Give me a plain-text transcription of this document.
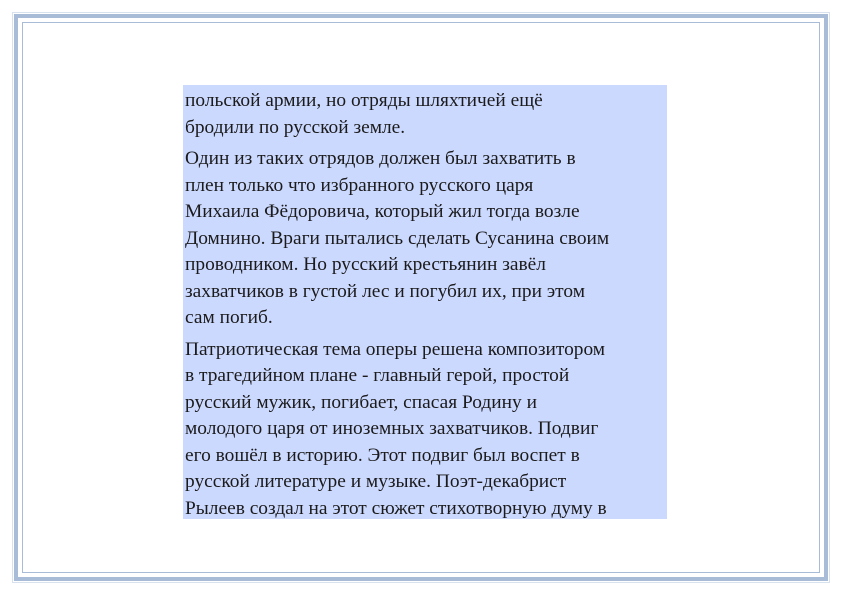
польской армии, но отряды шляхтичей ещё
бродили по русской земле.
Один из таких отрядов должен был захватить в
плен только что избранного русского царя
Михаила Фёдоровича, который жил тогда возле
Домнино. Враги пытались сделать Сусанина своим
проводником. Но русский крестьянин завёл
захватчиков в густой лес и погубил их, при этом
сам погиб.
Патриотическая тема оперы решена композитором
в трагедийном плане - главный герой, простой
русский мужик, погибает, спасая Родину и
молодого царя от иноземных захватчиков. Подвиг
его вошёл в историю. Этот подвиг был воспет в
русской литературе и музыке. Поэт-декабрист
Рылеев создал на этот сюжет стихотворную думу в
